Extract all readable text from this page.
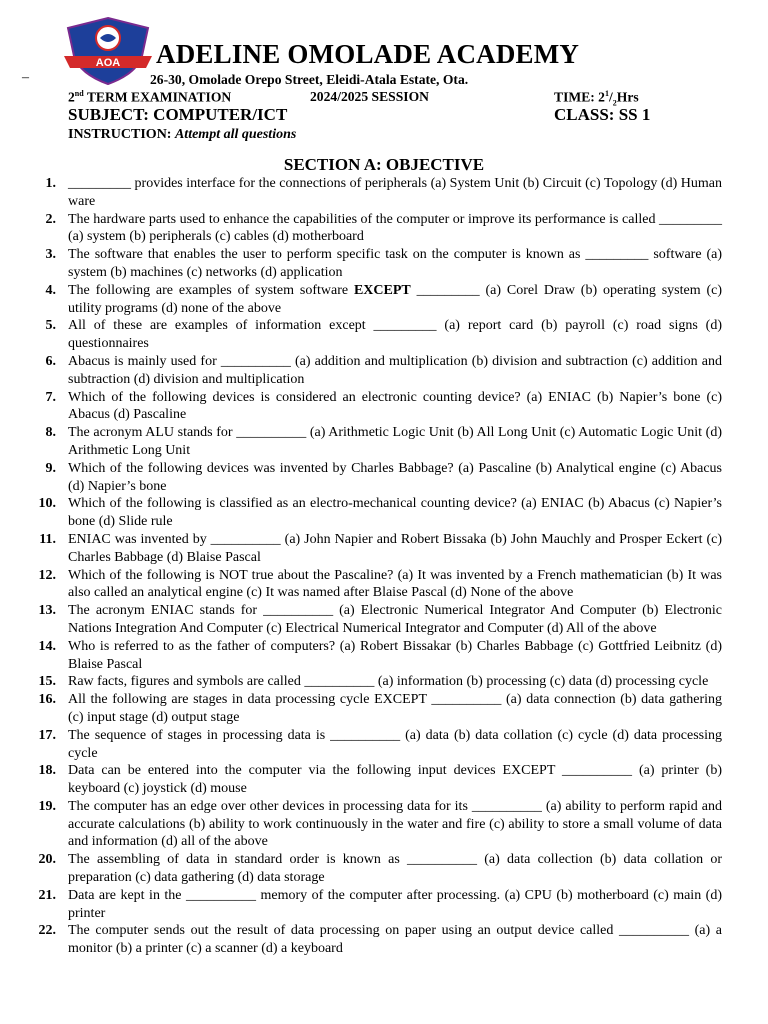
AOA ADELINE OMOLADE ACADEMY
–	26-30, Omolade Orepo Street, Eleidi-Atala Estate, Ota.
2nd TERM EXAMINATION	2024/2025 SESSION	TIME: $2^1/_2Hrs$
SUBJECT: COMPUTER/ICT	CLASS: SS 1
INSTRUCTION: Attempt all questions
SECTION A: OBJECTIVE
1. _________ provides interface for the connections of peripherals (a) System Unit (b) Circuit (c) Topology (d) Human ware
2. The hardware parts used to enhance the capabilities of the computer or improve its performance is called _________ (a) system (b) peripherals (c) cables (d) motherboard
3. The software that enables the user to perform specific task on the computer is known as _________ software (a) system (b) machines (c) networks (d) application
4. The following are examples of system software EXCEPT _________ (a) Corel Draw (b) operating system (c) utility programs (d) none of the above
5. All of these are examples of information except _________ (a) report card (b) payroll (c) road signs (d) questionnaires
6. Abacus is mainly used for __________ (a) addition and multiplication (b) division and subtraction (c) addition and subtraction (d) division and multiplication
7. Which of the following devices is considered an electronic counting device? (a) ENIAC (b) Napier’s bone (c) Abacus (d) Pascaline
8. The acronym ALU stands for __________ (a) Arithmetic Logic Unit (b) All Long Unit (c) Automatic Logic Unit (d) Arithmetic Long Unit
9. Which of the following devices was invented by Charles Babbage? (a) Pascaline (b) Analytical engine (c) Abacus (d) Napier’s bone
10. Which of the following is classified as an electro-mechanical counting device? (a) ENIAC (b) Abacus (c) Napier’s bone (d) Slide rule
11. ENIAC was invented by __________ (a) John Napier and Robert Bissaka (b) John Mauchly and Prosper Eckert (c) Charles Babbage (d) Blaise Pascal
12. Which of the following is NOT true about the Pascaline? (a) It was invented by a French mathematician (b) It was also called an analytical engine (c) It was named after Blaise Pascal (d) None of the above
13. The acronym ENIAC stands for __________ (a) Electronic Numerical Integrator And Computer (b) Electronic Nations Integration And Computer (c) Electrical Numerical Integrator and Computer (d) All of the above
14. Who is referred to as the father of computers? (a) Robert Bissakar (b) Charles Babbage (c) Gottfried Leibnitz (d) Blaise Pascal
15. Raw facts, figures and symbols are called __________ (a) information (b) processing (c) data (d) processing cycle
16. All the following are stages in data processing cycle EXCEPT __________ (a) data connection (b) data gathering (c) input stage (d) output stage
17. The sequence of stages in processing data is __________ (a) data (b) data collation (c) cycle (d) data processing cycle
18. Data can be entered into the computer via the following input devices EXCEPT __________ (a) printer (b) keyboard (c) joystick (d) mouse
19. The computer has an edge over other devices in processing data for its __________ (a) ability to perform rapid and accurate calculations (b) ability to work continuously in the water and fire (c) ability to store a small volume of data and information (d) all of the above
20. The assembling of data in standard order is known as __________ (a) data collection (b) data collation or preparation (c) data gathering (d) data storage
21. Data are kept in the __________ memory of the computer after processing. (a) CPU (b) motherboard (c) main (d) printer
22. The computer sends out the result of data processing on paper using an output device called __________ (a) a monitor (b) a printer (c) a scanner (d) a keyboard
